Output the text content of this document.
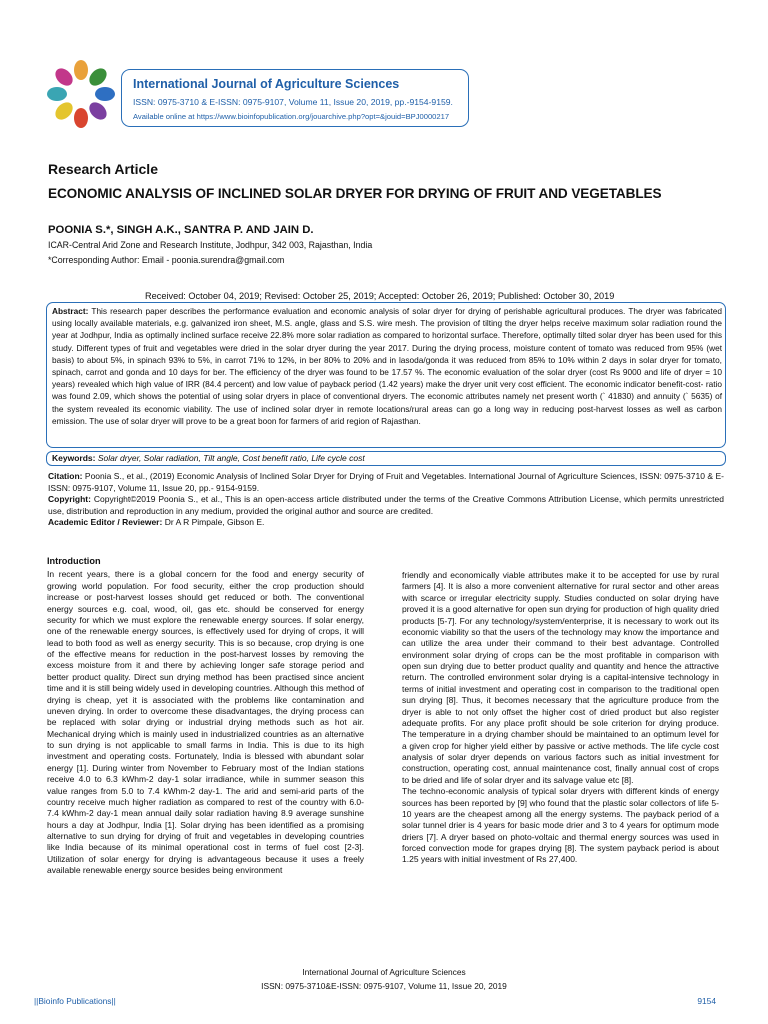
International Journal of Agriculture Sciences
ISSN: 0975-3710 & E-ISSN: 0975-9107, Volume 11, Issue 20, 2019, pp.-9154-9159.
Available online at https://www.bioinfopublication.org/jouarchive.php?opt=&jouid=BPJ0000217
Research Article
ECONOMIC ANALYSIS OF INCLINED SOLAR DRYER FOR DRYING OF FRUIT AND VEGETABLES
POONIA S.*, SINGH A.K., SANTRA P. AND JAIN D.
ICAR-Central Arid Zone and Research Institute, Jodhpur, 342 003, Rajasthan, India
*Corresponding Author: Email - poonia.surendra@gmail.com
Received: October 04, 2019; Revised: October 25, 2019; Accepted: October 26, 2019; Published: October 30, 2019
Abstract: This research paper describes the performance evaluation and economic analysis of solar dryer for drying of perishable agricultural produces. The dryer was fabricated using locally available materials, e.g. galvanized iron sheet, M.S. angle, glass and S.S. wire mesh. The provision of tilting the dryer helps receive maximum solar radiation round the year at Jodhpur, India as optimally inclined surface receive 22.8% more solar radiation as compared to horizontal surface. Therefore, optimally tilted solar dryer has been used for this study. Different types of fruit and vegetables were dried in the solar dryer during the year 2017. During the drying process, moisture content of tomato was reduced from 95% (wet basis) to about 5%, in spinach 93% to 5%, in carrot 71% to 12%, in ber 80% to 20% and in lasoda/gonda it was reduced from 85% to 10% within 2 days in solar dryer for tomato, spinach, carrot and gonda and 10 days for ber. The efficiency of the dryer was found to be 17.57 %. The economic evaluation of the solar dryer (cost Rs 9000 and life of dryer = 10 years) revealed which high value of IRR (84.4 percent) and low value of payback period (1.42 years) make the dryer unit very cost efficient. The economic indicator benefit-cost- ratio was found 2.09, which shows the potential of using solar dryers in place of conventional dryers. The economic attributes namely net present worth (` 41830) and annuity (` 5635) of the system revealed its economic viability. The use of inclined solar dryer in remote locations/rural areas can go a long way in reducing post-harvest losses as well as carbon emission. The use of solar dryer will prove to be a great boon for farmers of arid region of Rajasthan.
Keywords: Solar dryer, Solar radiation, Tilt angle, Cost benefit ratio, Life cycle cost

Citation: Poonia S., et al., (2019) Economic Analysis of Inclined Solar Dryer for Drying of Fruit and Vegetables. International Journal of Agriculture Sciences, ISSN: 0975-3710 & E-ISSN: 0975-9107, Volume 11, Issue 20, pp.- 9154-9159.

Copyright: Copyright©2019 Poonia S., et al., This is an open-access article distributed under the terms of the Creative Commons Attribution License, which permits unrestricted use, distribution and reproduction in any medium, provided the original author and source are credited.

Academic Editor / Reviewer: Dr A R Pimpale, Gibson E.

Introduction

In recent years, there is a global concern for the food and energy security of growing world population. For food security, either the crop production should increase or post-harvest losses should get reduced or both. The conventional energy sources e.g. coal, wood, oil, gas etc. should be conserved for energy security for which we must explore the renewable energy sources. If solar energy, one of the renewable energy sources, is effectively used for drying of crops, it will lead to both food as well as energy security. This is so because, crop drying is one of the effective means for reduction in the post-harvest losses by removing the excess moisture from it and there by achieving longer safe storage period and better product quality. Direct sun drying method has been practised since ancient time and it is still being widely used in developing countries. Although this method of drying is cheap, yet it is associated with the problems like contamination and uneven drying. In order to overcome these disadvantages, the drying process can be replaced with solar drying or industrial drying methods such as hot air. Mechanical drying which is mainly used in industrialized countries as an alternative to sun drying is not applicable to small farms in India. This is due to its high investment and operating costs. Fortunately, India is blessed with abundant solar energy [1]. During winter from November to February most of the Indian stations receive 4.0 to 6.3 kWhm-2 day-1 solar irradiance, while in summer season this value ranges from 5.0 to 7.4 kWhm-2 day-1. The arid and semi-arid parts of the country receive much higher radiation as compared to rest of the country with 6.0-7.4 kWhm-2 day-1 mean annual daily solar radiation having 8.9 average sunshine hours a day at Jodhpur, India [1]. Solar drying has been identified as a promising alternative to sun drying for drying of fruit and vegetables in developing countries like India because of its minimal operational cost in terms of fuel cost [2-3]. Utilization of solar energy for drying is advantageous because it uses a freely available renewable energy source besides being environment

friendly and economically viable attributes make it to be accepted for use by rural farmers [4]. It is also a more convenient alternative for rural sector and other areas with scarce or irregular electricity supply. Studies conducted on solar drying have proved it is a good alternative for open sun drying for production of high quality dried products [5-7]. For any technology/system/enterprise, it is necessary to work out its economic viability so that the users of the technology may know the importance and can utilize the area under their command to their best advantage. Controlled environment solar drying of crops can be the most profitable in comparison with open sun drying due to better product quality and quantity and hence the attractive return. The controlled environment solar drying is a capital-intensive technology in terms of initial investment and operating cost in comparison to the traditional open sun drying [8]. Thus, it becomes necessary that the agriculture produce from the dryer is able to not only offset the higher cost of dried product but also register adequate profits. For any place profit should be sole criterion for drying produce. The temperature in a drying chamber should be maintained to an optimum level for a given crop for higher yield either by passive or active methods. The life cycle cost analysis of solar dryer depends on various factors such as initial investment for construction, operating cost, annual maintenance cost, finally annual cost of crops to be dried and life of solar dryer and its salvage value etc [8].

The techno-economic analysis of typical solar dryers with different kinds of energy sources has been reported by [9] who found that the plastic solar collectors of life 5-10 years are the cheapest among all the energy systems. The payback period of a solar tunnel drier is 4 years for basic mode drier and 3 to 4 years for optimum mode driers [7]. A dryer based on photo-voltaic and thermal energy sources was used in forced convection mode for grapes drying [8]. The system payback period is about 1.25 years with initial investment of Rs 27,400.

International Journal of Agriculture Sciences
ISSN: 0975-3710&E-ISSN: 0975-9107, Volume 11, Issue 20, 2019
||Bioinfo Publications||	9154
